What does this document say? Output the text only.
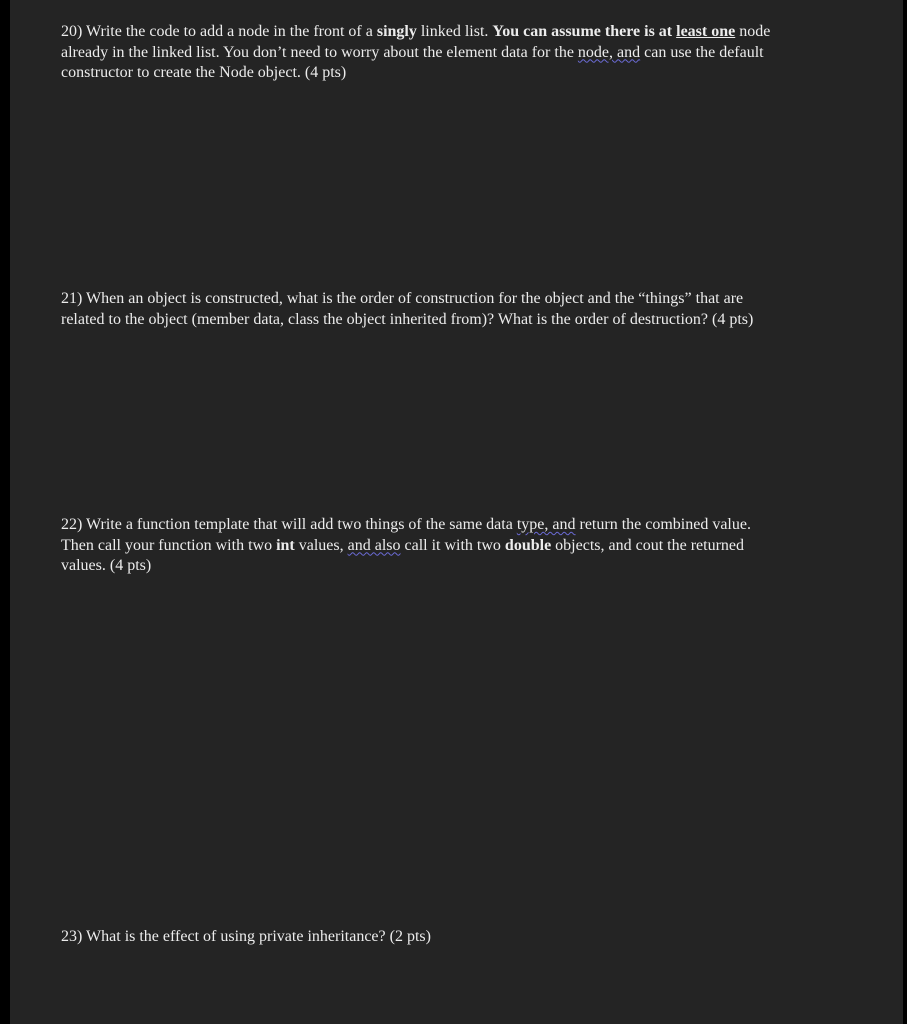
20) Write the code to add a node in the front of a singly linked list. You can assume there is at least one node
already in the linked list. You don’t need to worry about the element data for the node, and can use the default
constructor to create the Node object. (4 pts)

21) When an object is constructed, what is the order of construction for the object and the “things” that are
related to the object (member data, class the object inherited from)? What is the order of destruction? (4 pts)

22) Write a function template that will add two things of the same data type, and return the combined value.
Then call your function with two int values, and also call it with two double objects, and cout the returned
values. (4 pts)

23) What is the effect of using private inheritance? (2 pts)
